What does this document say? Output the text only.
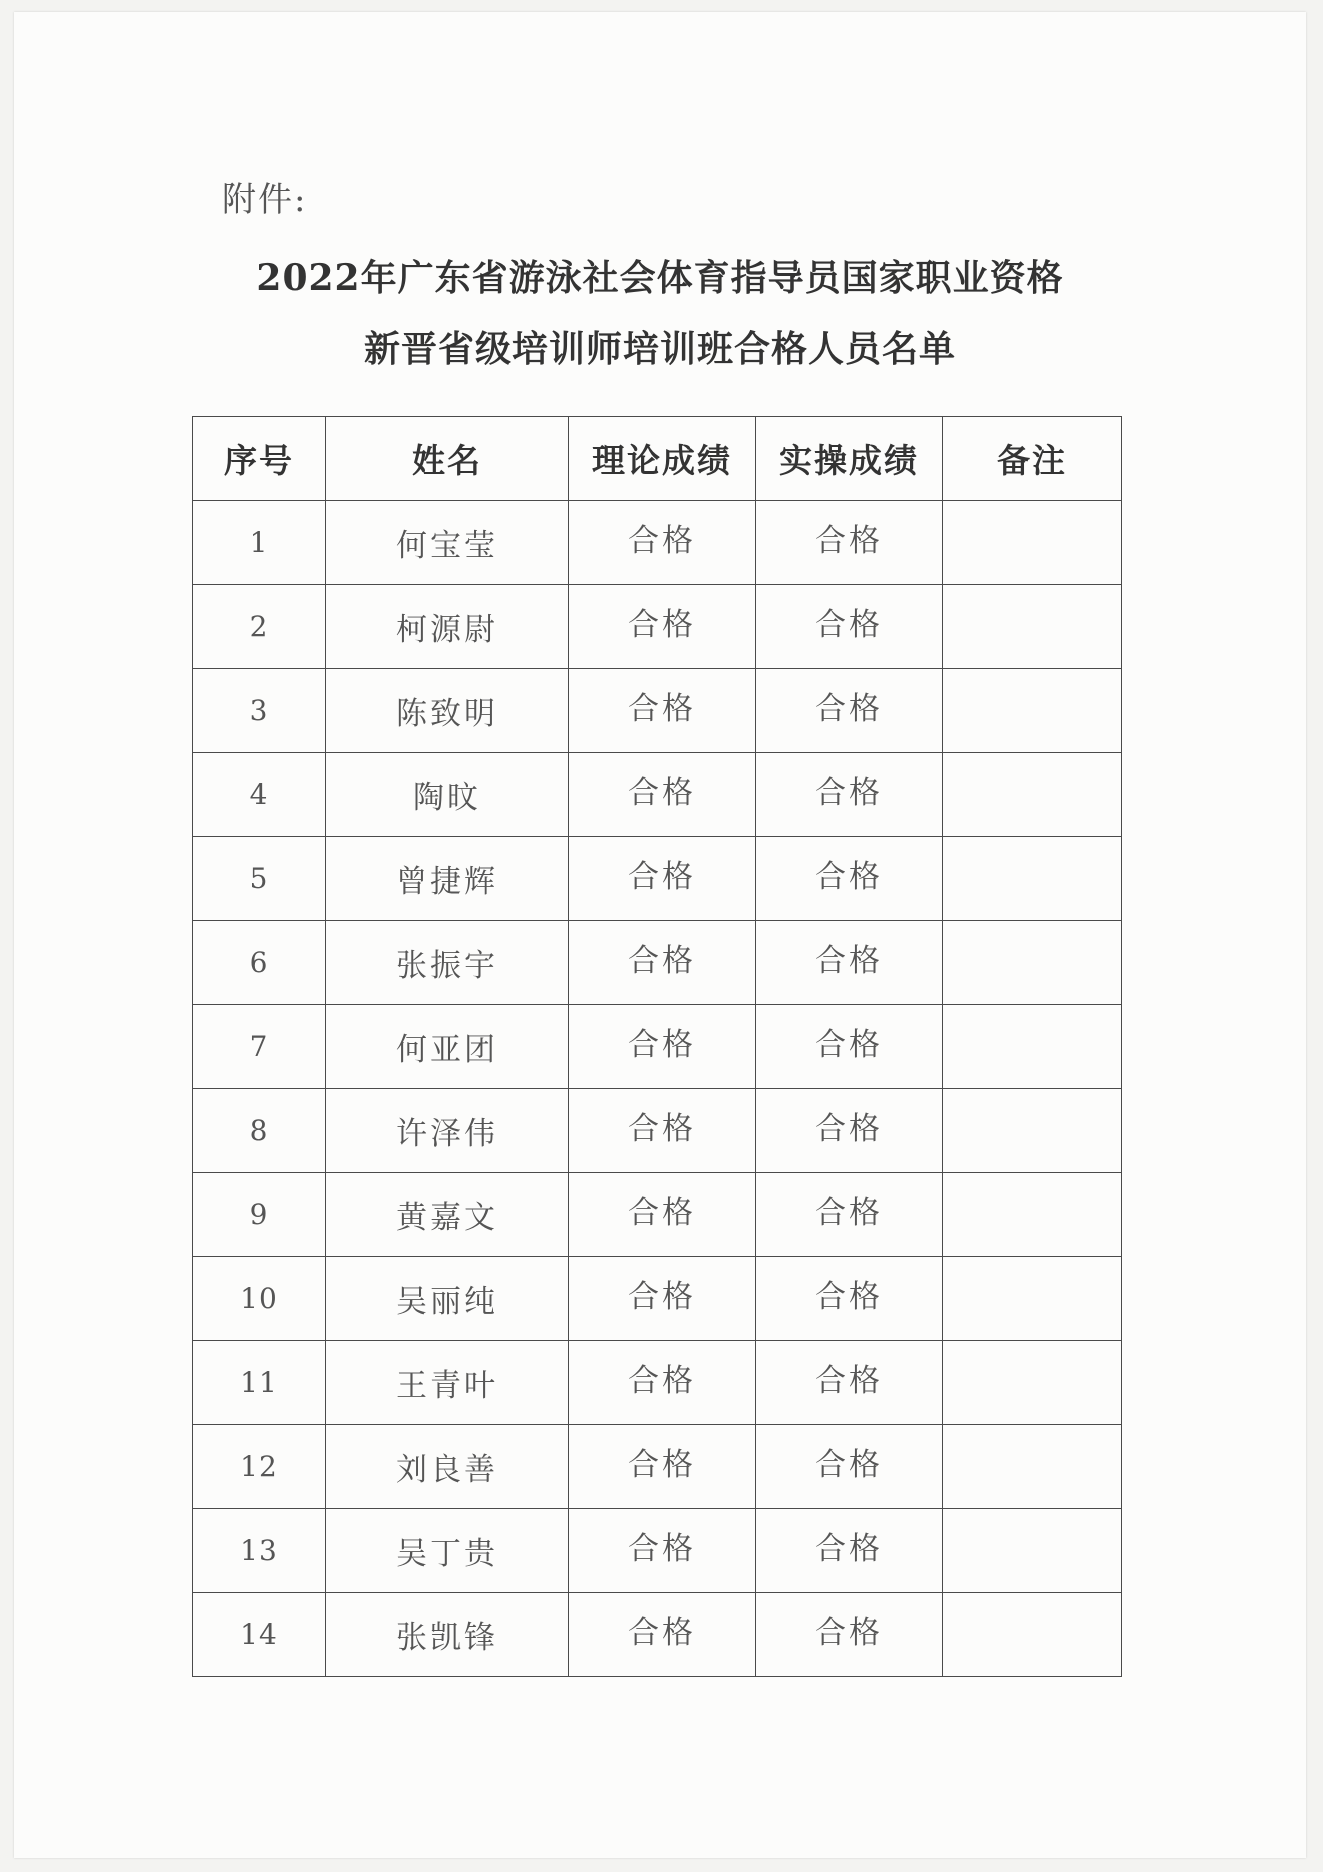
附件:
2022年广东省游泳社会体育指导员国家职业资格
新晋省级培训师培训班合格人员名单
序号	姓名	理论成绩	实操成绩	备注
1	何宝莹	合格	合格	
2	柯源尉	合格	合格	
3	陈致明	合格	合格	
4	陶旼	合格	合格	
5	曾捷辉	合格	合格	
6	张振宇	合格	合格	
7	何亚团	合格	合格	
8	许泽伟	合格	合格	
9	黄嘉文	合格	合格	
10	吴丽纯	合格	合格	
11	王青叶	合格	合格	
12	刘良善	合格	合格	
13	吴丁贵	合格	合格	
14	张凯锋	合格	合格	
